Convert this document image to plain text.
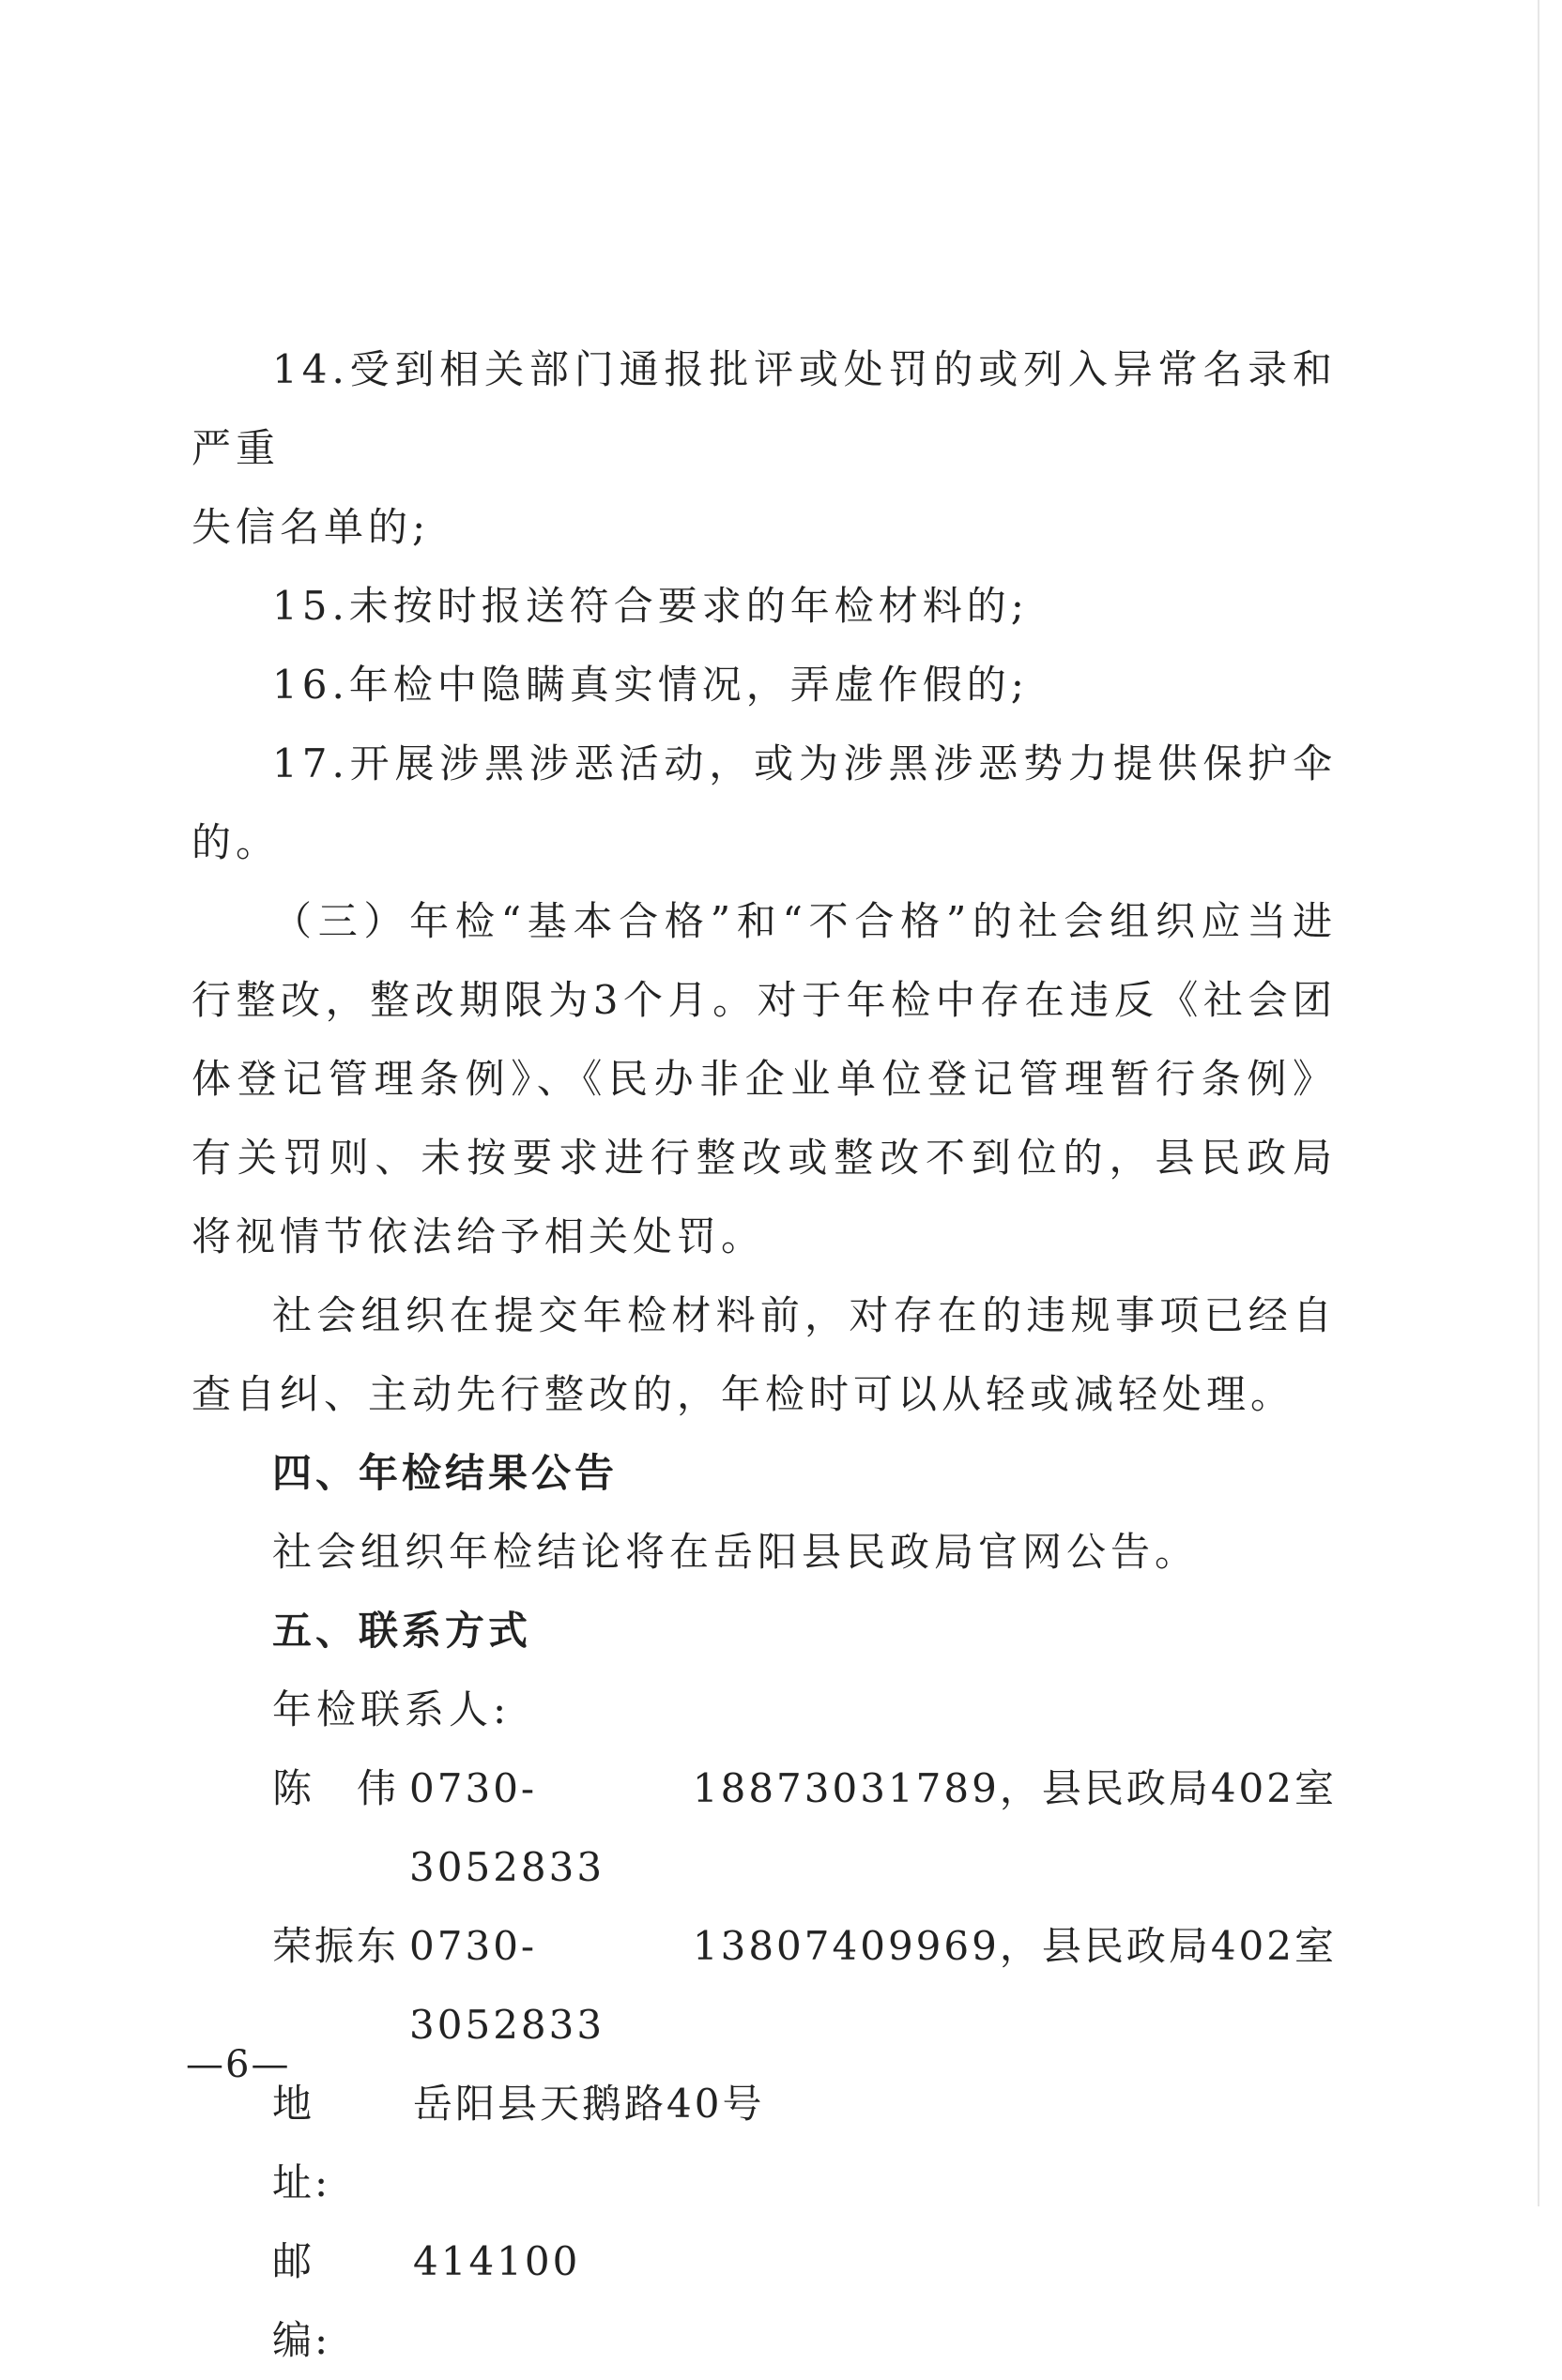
14.受到相关部门通报批评或处罚的或列入异常名录和严重

失信名单的;

15.未按时报送符合要求的年检材料的;

16.年检中隐瞒真实情况，弄虚作假的;

17.开展涉黑涉恶活动，或为涉黑涉恶势力提供保护伞的。

（三）年检“基本合格”和“不合格”的社会组织应当进行整改，整改期限为3个月。对于年检中存在违反《社会团体登记管理条例》、《民办非企业单位登记管理暂行条例》有关罚则、未按要求进行整改或整改不到位的，县民政局将视情节依法给予相关处罚。

社会组织在提交年检材料前，对存在的违规事项已经自查自纠、主动先行整改的，年检时可以从轻或减轻处理。

四、年检结果公告

社会组织年检结论将在岳阳县民政局官网公告。

五、联系方式

年检联系人:

陈　伟 0730-3052833
18873031789，县民政局402室
荣振东 0730-3052833
13807409969，县民政局402室
地　址:
岳阳县天鹅路40号
邮　编:
414100
—6—
